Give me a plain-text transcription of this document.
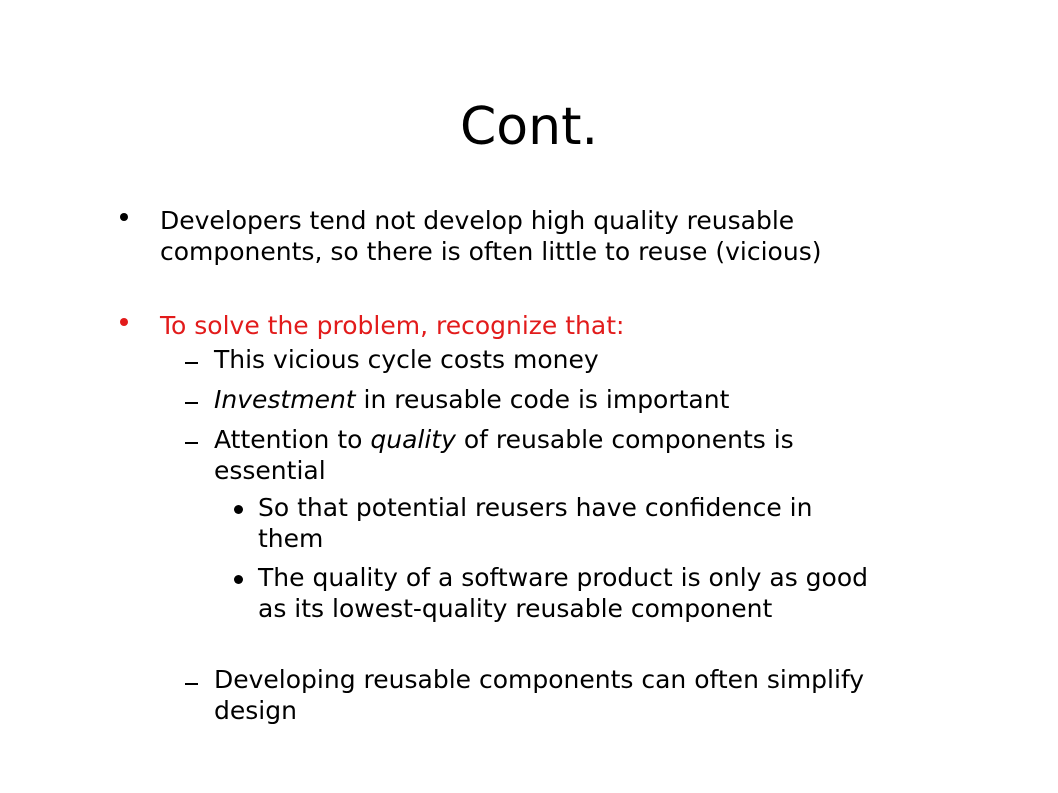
Cont.
Developers tend not develop high quality reusable components, so there is often little to reuse (vicious)
To solve the problem, recognize that:
This vicious cycle costs money
Investment in reusable code is important
Attention to quality of reusable components is essential
So that potential reusers have confidence in them
The quality of a software product is only as good as its lowest-quality reusable component
Developing reusable components can often simplify design
